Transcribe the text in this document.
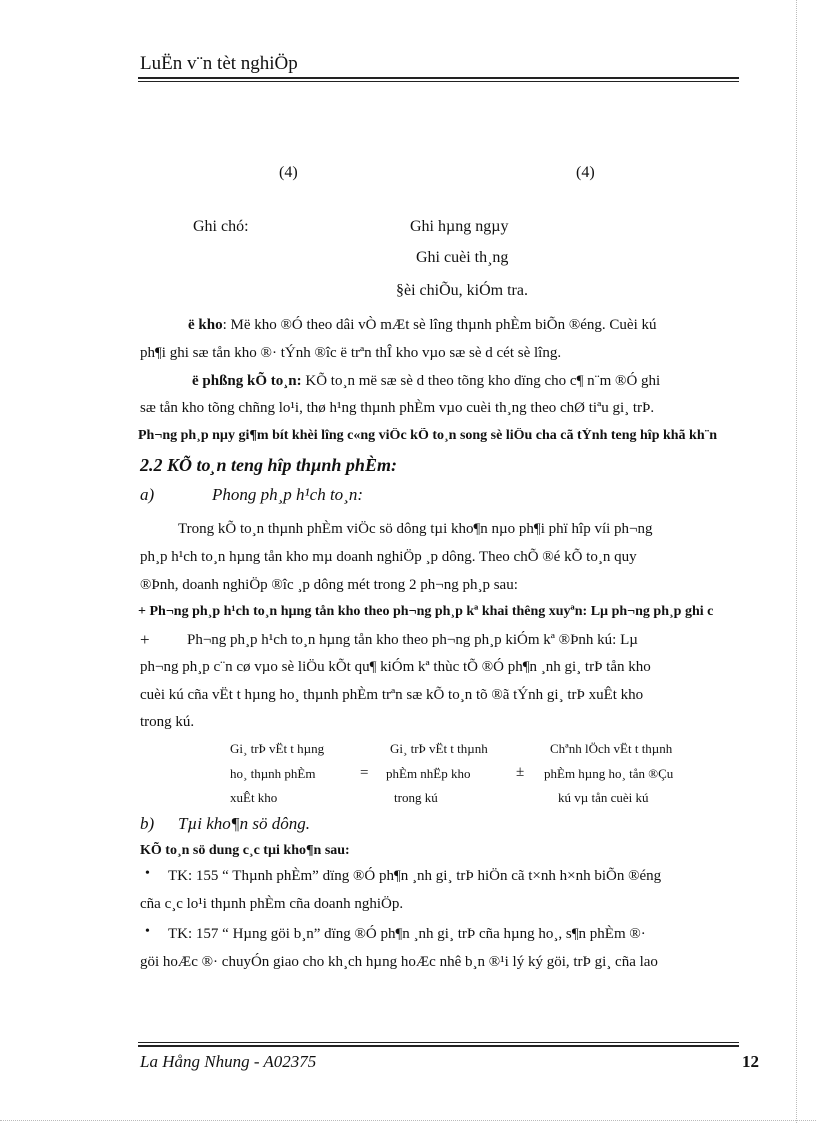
LuËn v¨n tèt nghiÖp
(4)	(4)
Ghi chó:	Ghi hµng ngµy
Ghi cuèi th¸ng
§èi chiÕu, kiÓm tra.
ë kho: Më kho ®Ó theo dâi vÒ mÆt sè lîng thµnh phÈm biÕn ®éng. Cuèi kú
ph¶i ghi sæ tån kho ®· tÝnh ®îc ë trªn thÎ kho vµo sæ sè d cét sè lîng.
ë phßng kÕ to¸n: KÕ to¸n më sæ sè d theo tõng kho dïng cho c¶ n¨m ®Ó ghi
sæ tån kho tõng chñng lo¹i, thø h¹ng thµnh phÈm vµo cuèi th¸ng theo chØ tiªu gi¸ trÞ.
Ph¬ng ph¸p nµy gi¶m bít khèi lîng c«ng viÖc kÕ to¸n song sè liÖu cha cã tÝnh teng hîp khã kh¨n
2.2 KÕ to¸n teng hîp thµnh phÈm:
a)	Phong ph¸p h¹ch to¸n:
Trong kÕ to¸n thµnh phÈm viÖc sö dông tµi kho¶n nµo ph¶i phï hîp víi ph¬ng
ph¸p h¹ch to¸n hµng tån kho mµ doanh nghiÖp ¸p dông. Theo chÕ ®é kÕ to¸n quy
®Þnh, doanh nghiÖp ®îc ¸p dông mét trong 2 ph¬ng ph¸p sau:
+ Ph¬ng ph¸p h¹ch to¸n hµng tån kho theo ph¬ng ph¸p kª khai thêng xuyªn: Lµ ph¬ng ph¸p ghi c
+ Ph¬ng ph¸p h¹ch to¸n hµng tån kho theo ph¬ng ph¸p kiÓm kª ®Þnh kú: Lµ
ph¬ng ph¸p c¨n cø vµo sè liÖu kÕt qu¶ kiÓm kª thùc tÕ ®Ó ph¶n ¸nh gi¸ trÞ tån kho
cuèi kú cña vËt t hµng ho¸ thµnh phÈm trªn sæ kÕ to¸n tõ ®ã tÝnh gi¸ trÞ xuÊt kho
trong kú.
Gi¸ trÞ vËt t hµng
ho¸ thµnh phÈm
xuÊt kho
=
Gi¸ trÞ vËt t thµnh
phÈm nhËp kho
trong kú
±
Chªnh lÖch vËt t thµnh
phÈm hµng ho¸ tån ®Çu
kú vµ tån cuèi kú
b) Tµi kho¶n sö dông.
KÕ to¸n sö dung c¸c tµi kho¶n sau:
• TK: 155 “ Thµnh phÈm” dïng ®Ó ph¶n ¸nh gi¸ trÞ hiÖn cã t×nh h×nh biÕn ®éng
cña c¸c lo¹i thµnh phÈm cña doanh nghiÖp.
• TK: 157 “ Hµng göi b¸n” dïng ®Ó ph¶n ¸nh gi¸ trÞ cña hµng ho¸, s¶n phÈm ®·
göi hoÆc ®· chuyÓn giao cho kh¸ch hµng hoÆc nhê b¸n ®¹i lý ký göi, trÞ gi¸ cña lao
La Hång Nhung - A02375	12
